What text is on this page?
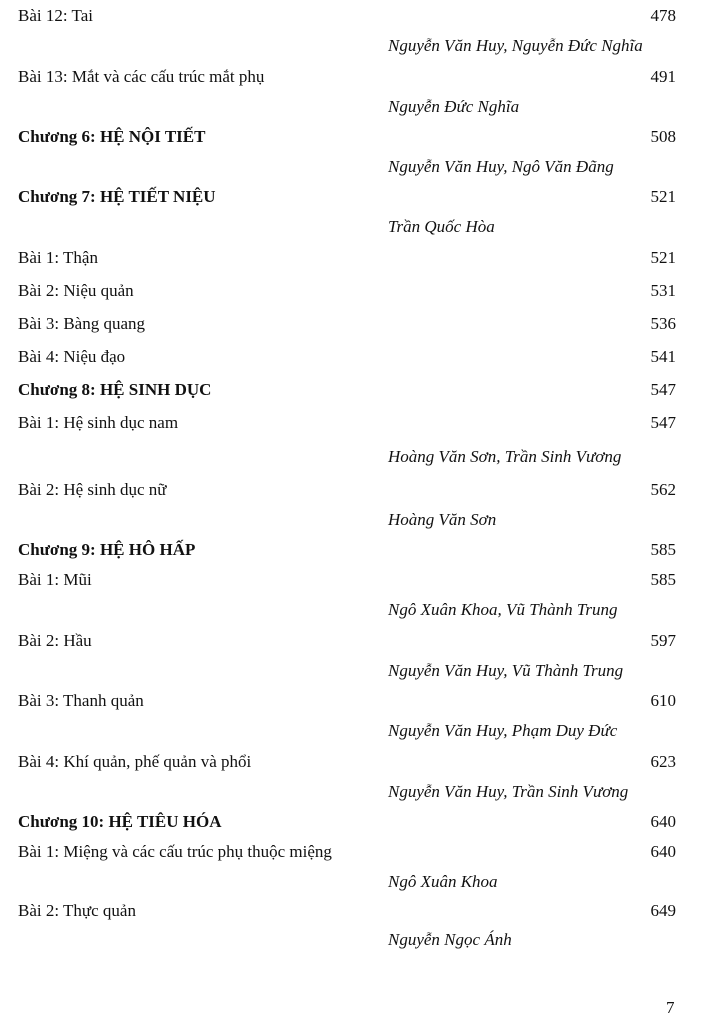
Bài 12: Tai	478
Nguyễn Văn Huy, Nguyễn Đức Nghĩa
Bài 13: Mắt và các cấu trúc mắt phụ	491
Nguyễn Đức Nghĩa
Chương 6: HỆ NỘI TIẾT	508
Nguyễn Văn Huy, Ngô Văn Đãng
Chương 7: HỆ TIẾT NIỆU	521
Trần Quốc Hòa
Bài 1: Thận	521
Bài 2: Niệu quản	531
Bài 3: Bàng quang	536
Bài 4: Niệu đạo	541
Chương 8: HỆ SINH DỤC	547
Bài 1: Hệ sinh dục nam	547
Hoàng Văn Sơn, Trần Sinh Vương
Bài 2: Hệ sinh dục nữ	562
Hoàng Văn Sơn
Chương 9: HỆ HÔ HẤP	585
Bài 1: Mũi	585
Ngô Xuân Khoa, Vũ Thành Trung
Bài 2: Hầu	597
Nguyễn Văn Huy, Vũ Thành Trung
Bài 3: Thanh quản	610
Nguyễn Văn Huy, Phạm Duy Đức
Bài 4: Khí quản, phế quản và phổi	623
Nguyễn Văn Huy, Trần Sinh Vương
Chương 10: HỆ TIÊU HÓA	640
Bài 1: Miệng và các cấu trúc phụ thuộc miệng	640
Ngô Xuân Khoa
Bài 2: Thực quản	649
Nguyễn Ngọc Ánh
7
